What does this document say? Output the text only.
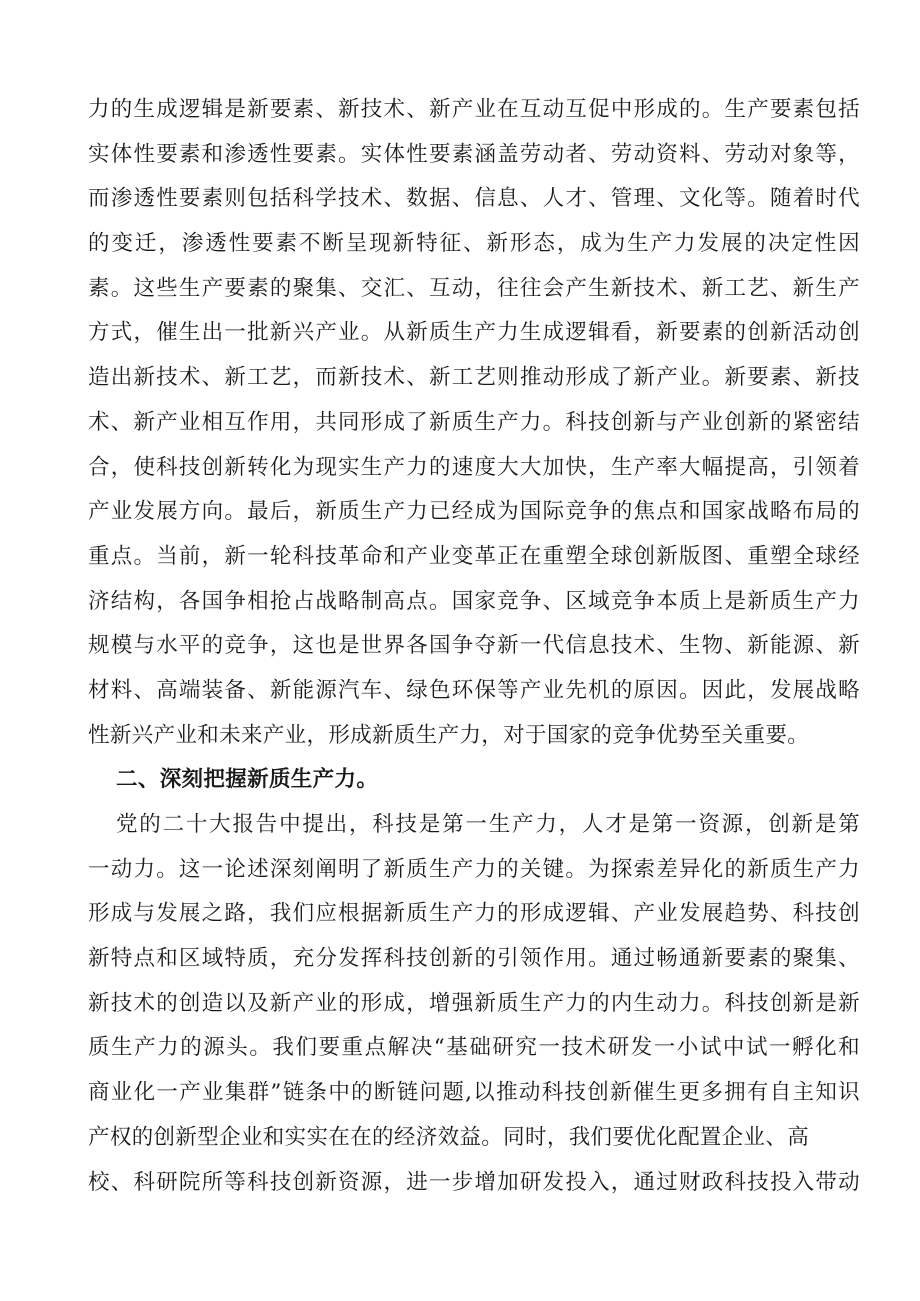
力的生成逻辑是新要素、新技术、新产业在互动互促中形成的。生产要素包括
实体性要素和渗透性要素。实体性要素涵盖劳动者、劳动资料、劳动对象等，
而渗透性要素则包括科学技术、数据、信息、人才、管理、文化等。随着时代
的变迁，渗透性要素不断呈现新特征、新形态，成为生产力发展的决定性因
素。这些生产要素的聚集、交汇、互动，往往会产生新技术、新工艺、新生产
方式，催生出一批新兴产业。从新质生产力生成逻辑看，新要素的创新活动创
造出新技术、新工艺，而新技术、新工艺则推动形成了新产业。新要素、新技
术、新产业相互作用，共同形成了新质生产力。科技创新与产业创新的紧密结
合，使科技创新转化为现实生产力的速度大大加快，生产率大幅提高，引领着
产业发展方向。最后，新质生产力已经成为国际竞争的焦点和国家战略布局的
重点。当前，新一轮科技革命和产业变革正在重塑全球创新版图、重塑全球经
济结构，各国争相抢占战略制高点。国家竞争、区域竞争本质上是新质生产力
规模与水平的竞争，这也是世界各国争夺新一代信息技术、生物、新能源、新
材料、高端装备、新能源汽车、绿色环保等产业先机的原因。因此，发展战略
性新兴产业和未来产业，形成新质生产力，对于国家的竞争优势至关重要。
二、深刻把握新质生产力。
党的二十大报告中提出，科技是第一生产力，人才是第一资源，创新是第
一动力。这一论述深刻阐明了新质生产力的关键。为探索差异化的新质生产力
形成与发展之路，我们应根据新质生产力的形成逻辑、产业发展趋势、科技创
新特点和区域特质，充分发挥科技创新的引领作用。通过畅通新要素的聚集、
新技术的创造以及新产业的形成，增强新质生产力的内生动力。科技创新是新
质生产力的源头。我们要重点解决“基础研究一技术研发一小试中试一孵化和
商业化一产业集群”链条中的断链问题,以推动科技创新催生更多拥有自主知识
产权的创新型企业和实实在在的经济效益。同时，我们要优化配置企业、高
校、科研院所等科技创新资源，进一步增加研发投入，通过财政科技投入带动
